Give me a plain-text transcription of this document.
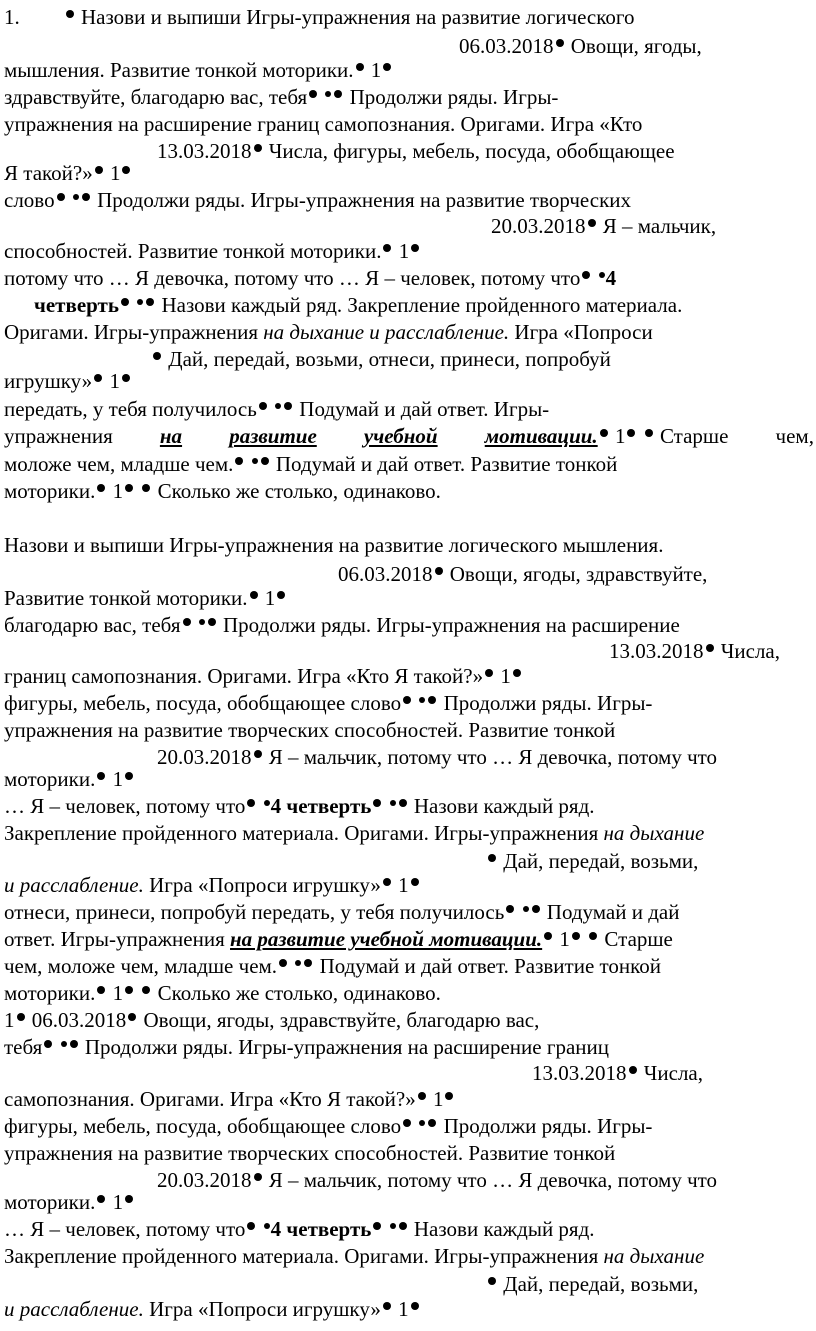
1.	Назови и выпиши Игры-упражнения на развитие логического
06.03.2018 Овощи, ягоды,
мышления. Развитие тонкой моторики. 1
здравствуйте, благодарю вас, тебя Продолжи ряды. Игры-
упражнения на расширение границ самопознания. Оригами. Игра «Кто
13.03.2018 Числа, фигуры, мебель, посуда, обобщающее
Я такой?» 1
слово Продолжи ряды. Игры-упражнения на развитие творческих
20.03.2018 Я – мальчик,
способностей. Развитие тонкой моторики. 1
потому что … Я девочка, потому что … Я – человек, потому что 4
четверть Назови каждый ряд. Закрепление пройденного материала.
Оригами. Игры-упражнения на дыхание и расслабление. Игра «Попроси
Дай, передай, возьми, отнеси, принеси, попробуй
игрушку» 1
передать, у тебя получилось Подумай и дай ответ. Игры-
упражнения на развитие учебной мотивации. 1 Старше чем,
моложе чем, младше чем. Подумай и дай ответ. Развитие тонкой
моторики. 1 Сколько же столько, одинаково.
Назови и выпиши Игры-упражнения на развитие логического мышления.
06.03.2018 Овощи, ягоды, здравствуйте,
Развитие тонкой моторики. 1
благодарю вас, тебя Продолжи ряды. Игры-упражнения на расширение
13.03.2018 Числа,
границ самопознания. Оригами. Игра «Кто Я такой?» 1
фигуры, мебель, посуда, обобщающее слово Продолжи ряды. Игры-
упражнения на развитие творческих способностей. Развитие тонкой
20.03.2018 Я – мальчик, потому что … Я девочка, потому что
моторики. 1
… Я – человек, потому что 4 четверть Назови каждый ряд.
Закрепление пройденного материала. Оригами. Игры-упражнения на дыхание
Дай, передай, возьми,
и расслабление. Игра «Попроси игрушку» 1
отнеси, принеси, попробуй передать, у тебя получилось Подумай и дай
ответ. Игры-упражнения на развитие учебной мотивации. 1 Старше
чем, моложе чем, младше чем. Подумай и дай ответ. Развитие тонкой
моторики. 1 Сколько же столько, одинаково.
1 06.03.2018 Овощи, ягоды, здравствуйте, благодарю вас,
тебя Продолжи ряды. Игры-упражнения на расширение границ
13.03.2018 Числа,
самопознания. Оригами. Игра «Кто Я такой?» 1
фигуры, мебель, посуда, обобщающее слово Продолжи ряды. Игры-
упражнения на развитие творческих способностей. Развитие тонкой
20.03.2018 Я – мальчик, потому что … Я девочка, потому что
моторики. 1
… Я – человек, потому что 4 четверть Назови каждый ряд.
Закрепление пройденного материала. Оригами. Игры-упражнения на дыхание
Дай, передай, возьми,
и расслабление. Игра «Попроси игрушку» 1
